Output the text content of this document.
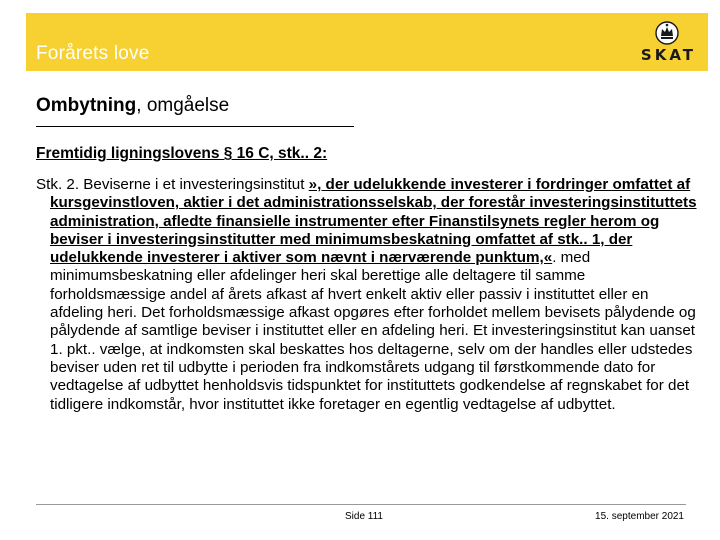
Forårets love	SKAT
Ombytning, omgåelse
Fremtidig ligningslovens § 16 C, stk.. 2:
Stk. 2. Beviserne i et investeringsinstitut », der udelukkende investerer i fordringer omfattet af kursgevinstloven, aktier i det administrationsselskab, der forestår investeringsinstituttets administration, afledte finansielle instrumenter efter Finanstilsynets regler herom og beviser i investeringsinstitutter med minimumsbeskatning omfattet af stk.. 1, der udelukkende investerer i aktiver som nævnt i nærværende punktum,«. med minimumsbeskatning eller afdelinger heri skal berettige alle deltagere til samme forholdsmæssige andel af årets afkast af hvert enkelt aktiv eller passiv i instituttet eller en afdeling heri. Det forholdsmæssige afkast opgøres efter forholdet mellem bevisets pålydende og pålydende af samtlige beviser i instituttet eller en afdeling heri. Et investeringsinstitut kan uanset 1. pkt.. vælge, at indkomsten skal beskattes hos deltagerne, selv om der handles eller udstedes beviser uden ret til udbytte i perioden fra indkomstårets udgang til førstkommende dato for vedtagelse af udbyttet henholdsvis tidspunktet for instituttets godkendelse af regnskabet for det tidligere indkomstår, hvor instituttet ikke foretager en egentlig vedtagelse af udbyttet.
Side 111	15. september 2021
